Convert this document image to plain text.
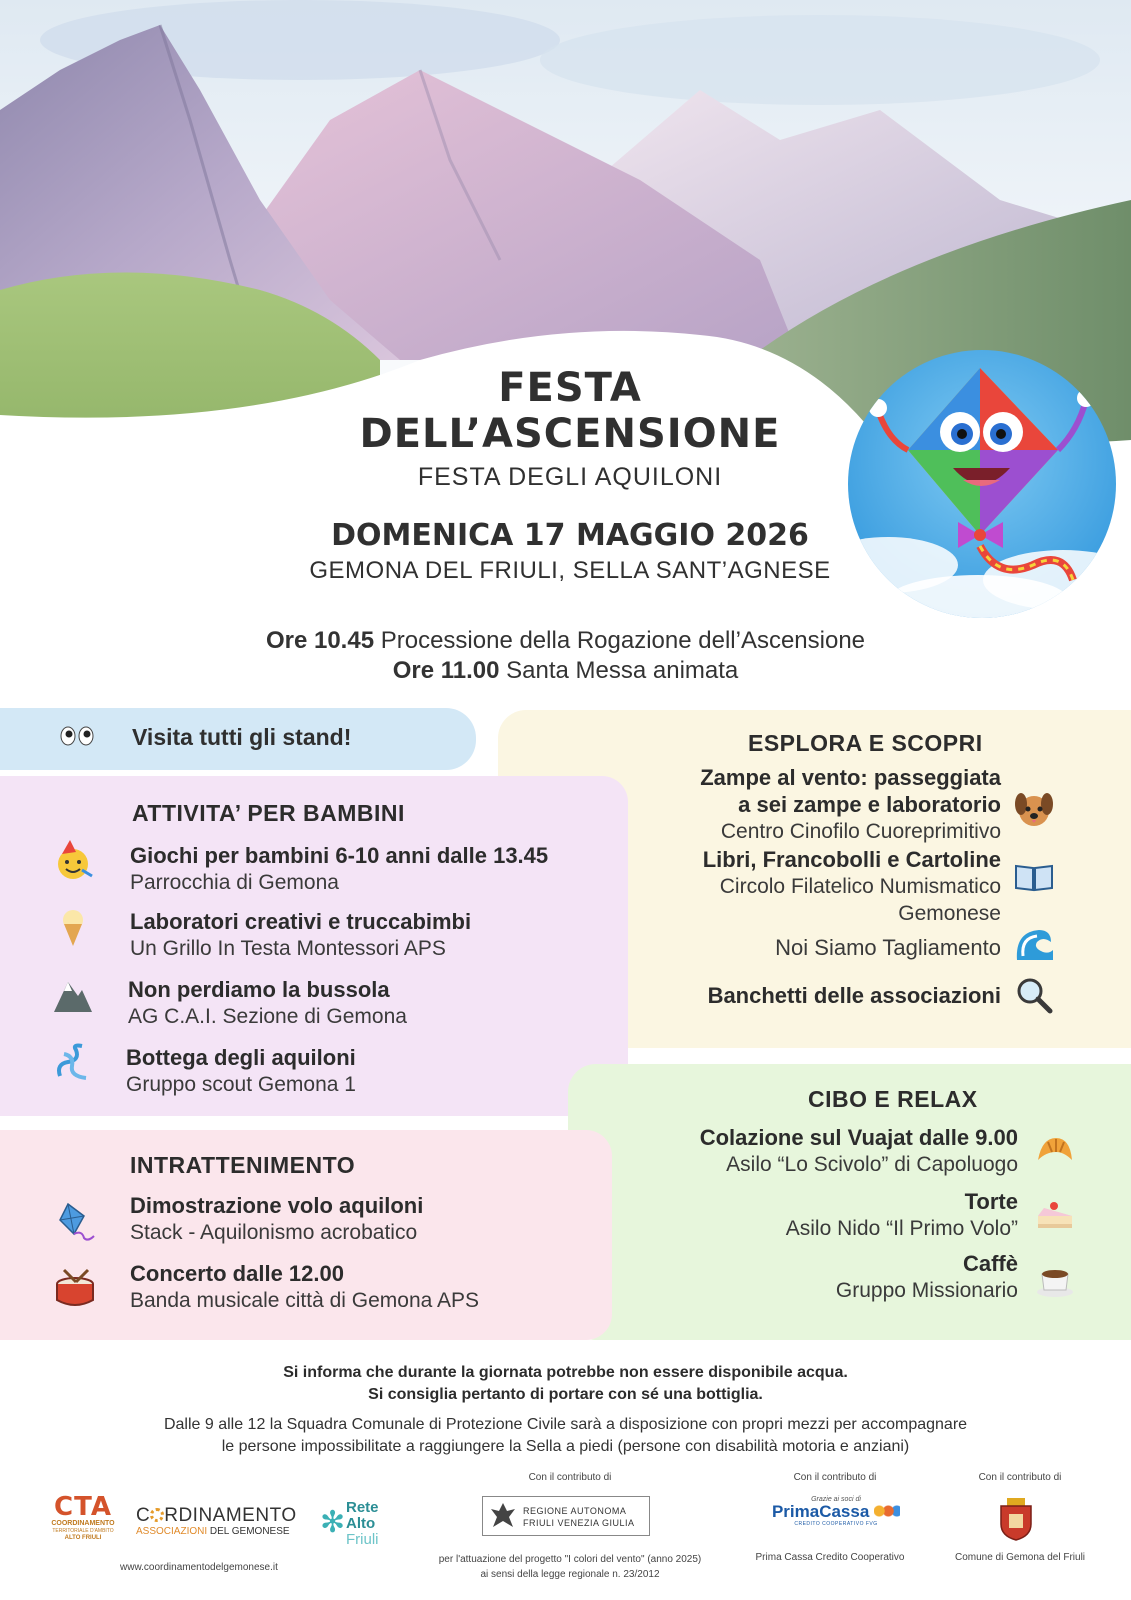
FESTA
DELL’ASCENSIONE
FESTA DEGLI AQUILONI
DOMENICA 17 MAGGIO 2026
GEMONA DEL FRIULI, SELLA SANT’AGNESE
Ore 10.45 Processione della Rogazione dell’Ascensione
Ore 11.00 Santa Messa animata
Visita tutti gli stand!	ESPLORA E SCOPRI
Zampe al vento: passeggiata
a sei zampe e laboratorio
Centro Cinofilo Cuoreprimitivo
Libri, Francobolli e Cartoline
Circolo Filatelico Numismatico
Gemonese
Noi Siamo Tagliamento
Banchetti delle associazioni
ATTIVITA’ PER BAMBINI
Giochi per bambini 6-10 anni dalle 13.45
Parrocchia di Gemona
Laboratori creativi e truccabimbi
Un Grillo In Testa Montessori APS
Non perdiamo la bussola
AG C.A.I. Sezione di Gemona
Bottega degli aquiloni
Gruppo scout Gemona 1
CIBO E RELAX
Colazione sul Vuajat dalle 9.00
Asilo “Lo Scivolo” di Capoluogo
Torte
Asilo Nido “Il Primo Volo”
Caffè
Gruppo Missionario
INTRATTENIMENTO
Dimostrazione volo aquiloni
Stack - Aquilonismo acrobatico
Concerto dalle 12.00
Banda musicale città di Gemona APS
Si informa che durante la giornata potrebbe non essere disponibile acqua.
Si consiglia pertanto di portare con sé una bottiglia.
Dalle 9 alle 12 la Squadra Comunale di Protezione Civile sarà a disposizione con propri mezzi per accompagnare
le persone impossibilitate a raggiungere la Sella a piedi (persone con disabilità motoria e anziani)
CTA
COORDINAMENTO
TERRITORIALE D'AMBITO
ALTO FRIULI
C RDINAMENTO
ASSOCIAZIONI DEL GEMONESE ✻ Rete
Alto
Friuli
www.coordinamentodelgemonese.it
Con il contributo di
REGIONE AUTONOMA
FRIULI VENEZIA GIULIA
per l'attuazione del progetto "I colori del vento" (anno 2025)
ai sensi della legge regionale n. 23/2012
Con il contributo di
Grazie ai soci di
PrimaCassa
CREDITO COOPERATIVO FVG
Prima Cassa Credito Cooperativo
Con il contributo di
Comune di Gemona del Friuli
